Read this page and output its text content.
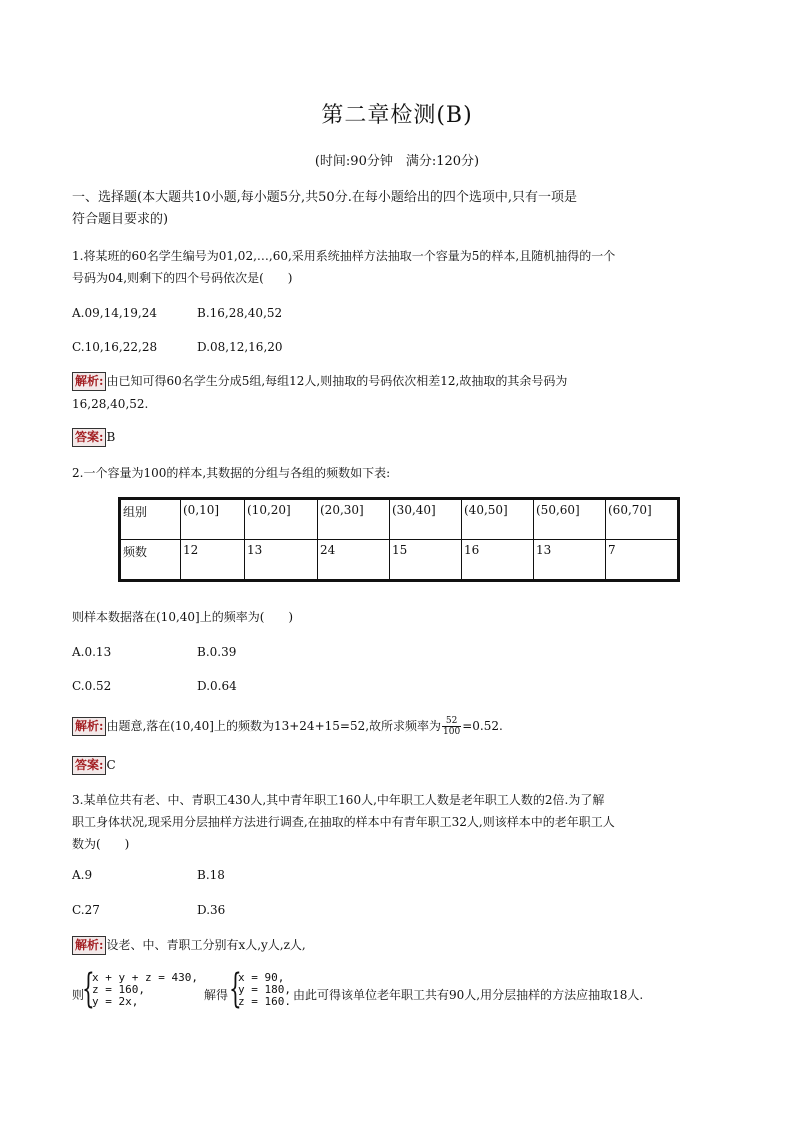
第二章检测(B)
(时间:90分钟　满分:120分)
一、选择题(本大题共10小题,每小题5分,共50分.在每小题给出的四个选项中,只有一项是
符合题目要求的)
1.将某班的60名学生编号为01,02,…,60,采用系统抽样方法抽取一个容量为5的样本,且随机抽得的一个
号码为04,则剩下的四个号码依次是(　　)
A.09,14,19,24	B.16,28,40,52
C.10,16,22,28	D.08,12,16,20
解析: 由已知可得60名学生分成5组,每组12人,则抽取的号码依次相差12,故抽取的其余号码为
16,28,40,52.
答案: B
2.一个容量为100的样本,其数据的分组与各组的频数如下表:
组别	(0,10]	(10,20]	(20,30]	(30,40]	(40,50]	(50,60]	(60,70]
频数	12	13	24	15	16	13	7
则样本数据落在(10,40]上的频率为(　　)
A.0.13	B.0.39
C.0.52	D.0.64
解析: 由题意,落在(10,40]上的频数为13+24+15=52,故所求频率为 $\frac{52}{100} =0.52$.
答案: C
3.某单位共有老、中、青职工430人,其中青年职工160人,中年职工人数是老年职工人数的2倍.为了解
职工身体状况,现采用分层抽样方法进行调查,在抽取的样本中有青年职工32人,则该样本中的老年职工人
数为(　　)
A.9	B.18
C.27	D.36
解析: 设老、中、青职工分别有x人,y人,z人,
则
{
x + y + z = 430,
z = 160,
y = 2x,	解得 {
x = 90,
y = 180,
z = 160. 由此可得该单位老年职工共有90人,用分层抽样的方法应抽取18人.
